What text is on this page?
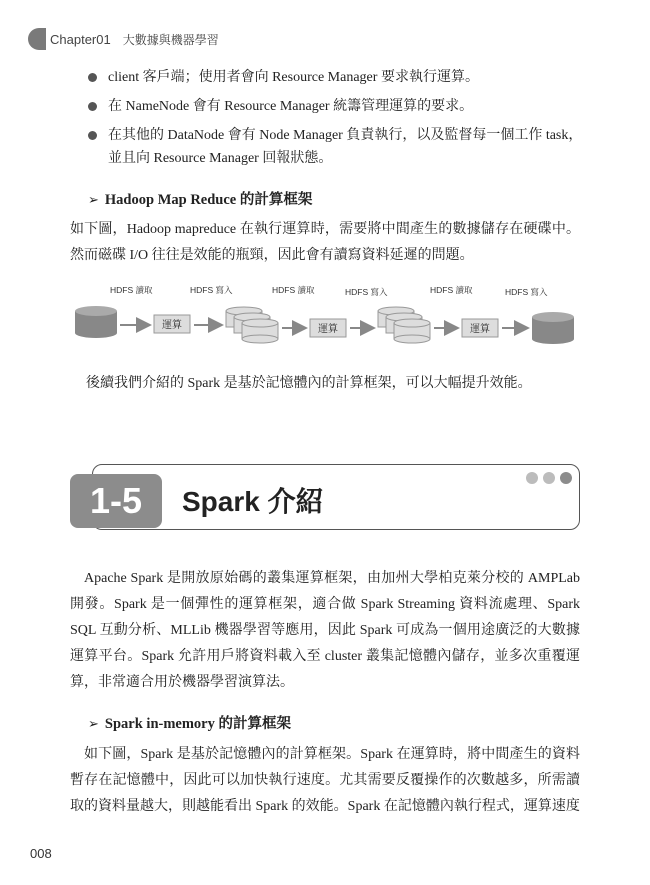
Chapter01 大數據與機器學習
client 客戶端；使用者會向 Resource Manager 要求執行運算。
在 NameNode 會有 Resource Manager 統籌管理運算的要求。
在其他的 DataNode 會有 Node Manager 負責執行，以及監督每一個工作 task，並且向 Resource Manager 回報狀態。
➢ Hadoop Map Reduce 的計算框架
如下圖，Hadoop mapreduce 在執行運算時，需要將中間產生的數據儲存在硬碟中。然而磁碟 I/O 往往是效能的瓶頸，因此會有讀寫資料延遲的問題。
HDFS 讀取	HDFS 寫入	HDFS 讀取	HDFS 寫入	HDFS 讀取	HDFS 寫入
運算	運算	運算
後續我們介紹的 Spark 是基於記憶體內的計算框架，可以大幅提升效能。
1-5	Spark 介紹
Apache Spark 是開放原始碼的叢集運算框架，由加州大學柏克萊分校的 AMPLab 開發。Spark 是一個彈性的運算框架，適合做 Spark Streaming 資料流處理、Spark SQL 互動分析、MLLib 機器學習等應用，因此 Spark 可成為一個用途廣泛的大數據運算平台。Spark 允許用戶將資料載入至 cluster 叢集記憶體內儲存，並多次重覆運算，非常適合用於機器學習演算法。
➢ Spark in-memory 的計算框架
如下圖，Spark 是基於記憶體內的計算框架。Spark 在運算時，將中間產生的資料暫存在記憶體中，因此可以加快執行速度。尤其需要反覆操作的次數越多，所需讀取的資料量越大，則越能看出 Spark 的效能。Spark 在記憶體內執行程式，運算速度
008
